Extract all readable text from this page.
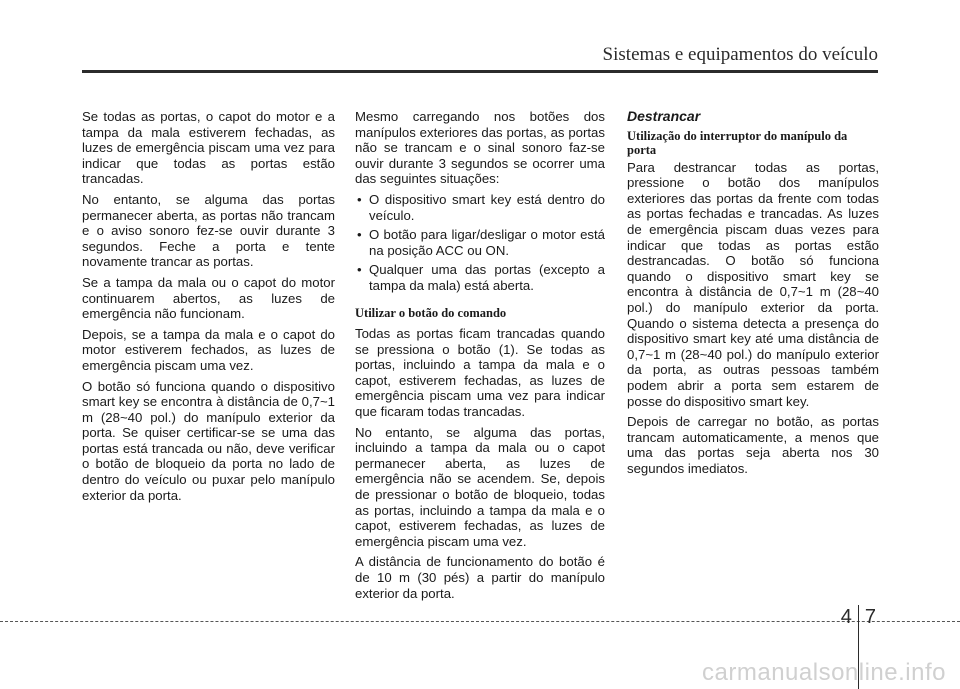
Sistemas e equipamentos do veículo

Se todas as portas, o capot do motor e a tampa da mala estiverem fechadas, as luzes de emergência piscam uma vez para indicar que todas as portas estão trancadas.

No entanto, se alguma das portas permanecer aberta, as portas não trancam e o aviso sonoro fez-se ouvir durante 3 segundos. Feche a porta e tente novamente trancar as portas.

Se a tampa da mala ou o capot do motor continuarem abertos, as luzes de emergência não funcionam.

Depois, se a tampa da mala e o capot do motor estiverem fechados, as luzes de emergência piscam uma vez.

O botão só funciona quando o dispositivo smart key se encontra à distância de 0,7~1 m (28~40 pol.) do manípulo exterior da porta. Se quiser certificar-se se uma das portas está trancada ou não, deve verificar o botão de bloqueio da porta no lado de dentro do veículo ou puxar pelo manípulo exterior da porta.

Mesmo carregando nos botões dos manípulos exteriores das portas, as portas não se trancam e o sinal sonoro faz-se ouvir durante 3 segundos se ocorrer uma das seguintes situações:

• O dispositivo smart key está dentro do veículo.
• O botão para ligar/desligar o motor está na posição ACC ou ON.
• Qualquer uma das portas (excepto a tampa da mala) está aberta.
Utilizar o botão do comando

Todas as portas ficam trancadas quando se pressiona o botão (1). Se todas as portas, incluindo a tampa da mala e o capot, estiverem fechadas, as luzes de emergência piscam uma vez para indicar que ficaram todas trancadas.

No entanto, se alguma das portas, incluindo a tampa da mala ou o capot permanecer aberta, as luzes de emergência não se acendem. Se, depois de pressionar o botão de bloqueio, todas as portas, incluindo a tampa da mala e o capot, estiverem fechadas, as luzes de emergência piscam uma vez.

A distância de funcionamento do botão é de 10 m (30 pés) a partir do manípulo exterior da porta.

Destrancar
Utilização do interruptor do manípulo da porta

Para destrancar todas as portas, pressione o botão dos manípulos exteriores das portas da frente com todas as portas fechadas e trancadas. As luzes de emergência piscam duas vezes para indicar que todas as portas estão destrancadas. O botão só funciona quando o dispositivo smart key se encontra à distância de 0,7~1 m (28~40 pol.) do manípulo exterior da porta. Quando o sistema detecta a presença do dispositivo smart key até uma distância de 0,7~1 m (28~40 pol.) do manípulo exterior da porta, as outras pessoas também podem abrir a porta sem estarem de posse do dispositivo smart key.

Depois de carregar no botão, as portas trancam automaticamente, a menos que uma das portas seja aberta nos 30 segundos imediatos.

4 7
carmanualsonline.info
